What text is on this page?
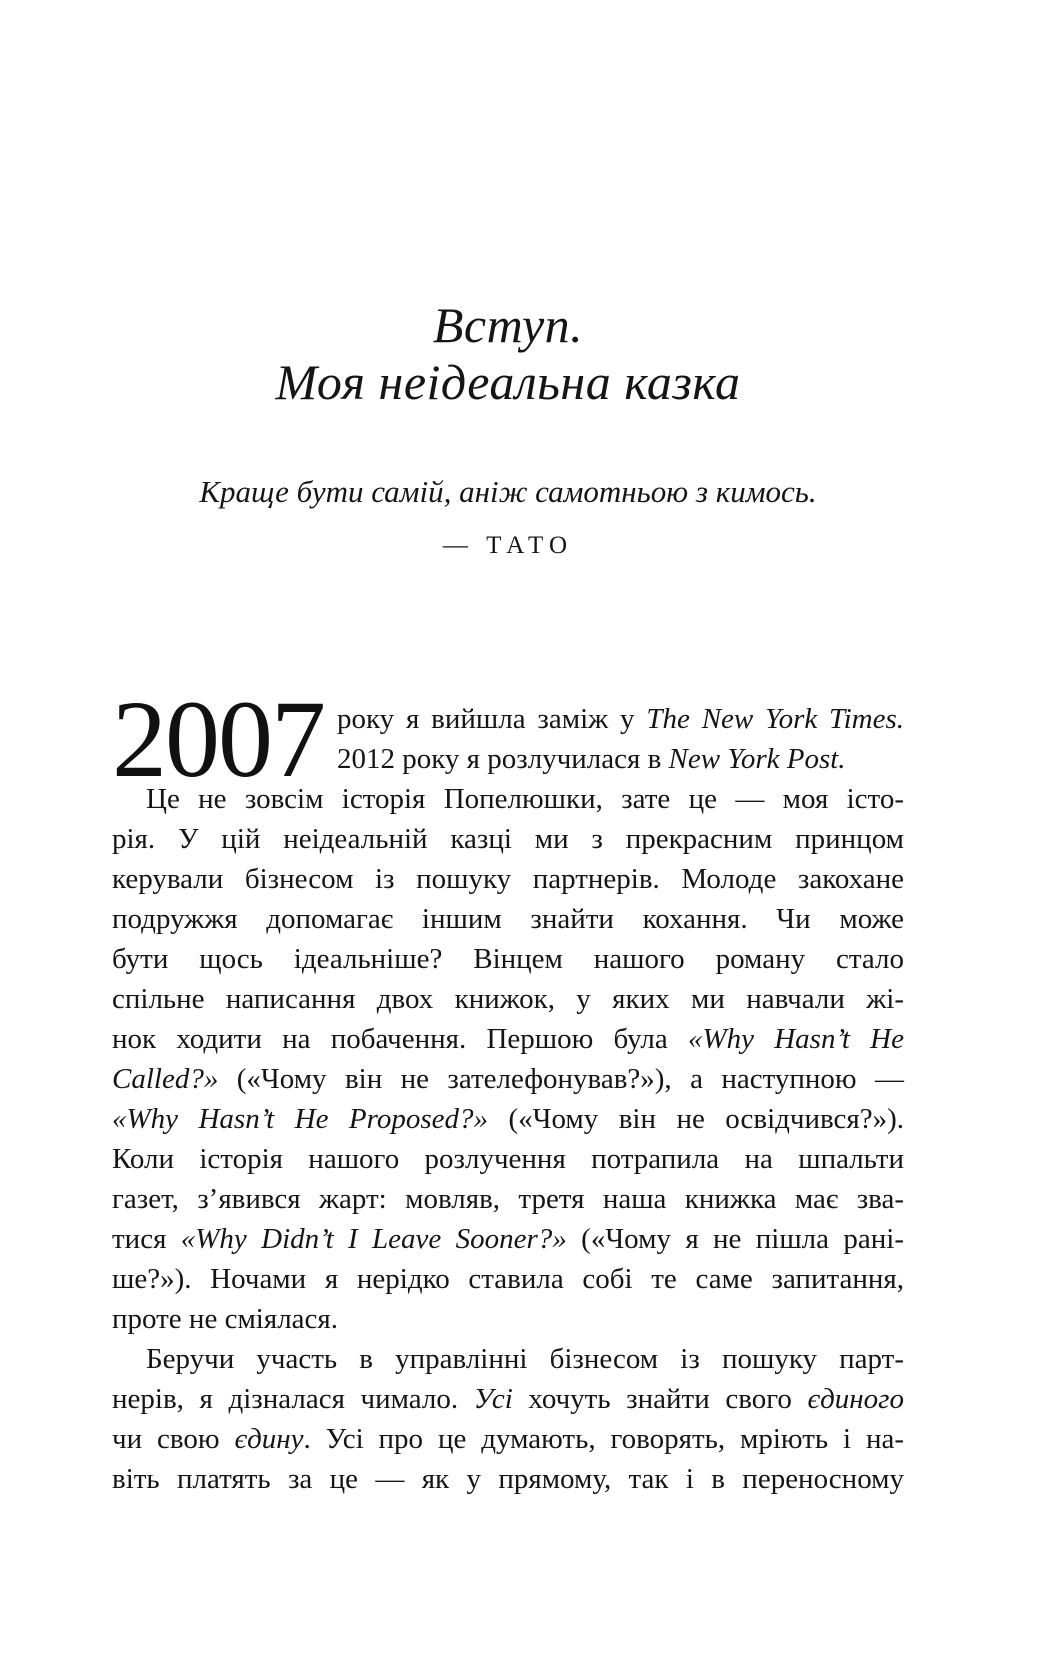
Вступ.
Моя неідеальна казка
Краще бути самій, аніж самотньою з кимось.
— ТАТО
2007 року я вийшла заміж у The New York Times.
2012 року я розлучилася в New York Post.
Це не зовсім історія Попелюшки, зате це — моя істо-
рія. У цій неідеальній казці ми з прекрасним принцом
керували бізнесом із пошуку партнерів. Молоде закохане
подружжя допомагає іншим знайти кохання. Чи може
бути щось ідеальніше? Вінцем нашого роману стало
спільне написання двох книжок, у яких ми навчали жі-
нок ходити на побачення. Першою була «Why Hasn’t He
Called?» («Чому він не зателефонував?»), а наступною —
«Why Hasn’t He Proposed?» («Чому він не освідчився?»).
Коли історія нашого розлучення потрапила на шпальти
газет, з’явився жарт: мовляв, третя наша книжка має зва-
тися «Why Didn’t I Leave Sooner?» («Чому я не пішла рані-
ше?»). Ночами я нерідко ставила собі те саме запитання,
проте не сміялася.
Беручи участь в управлінні бізнесом із пошуку парт-
нерів, я дізналася чимало. Усі хочуть знайти свого єдиного
чи свою єдину. Усі про це думають, говорять, мріють і на-
віть платять за це — як у прямому, так і в переносному
